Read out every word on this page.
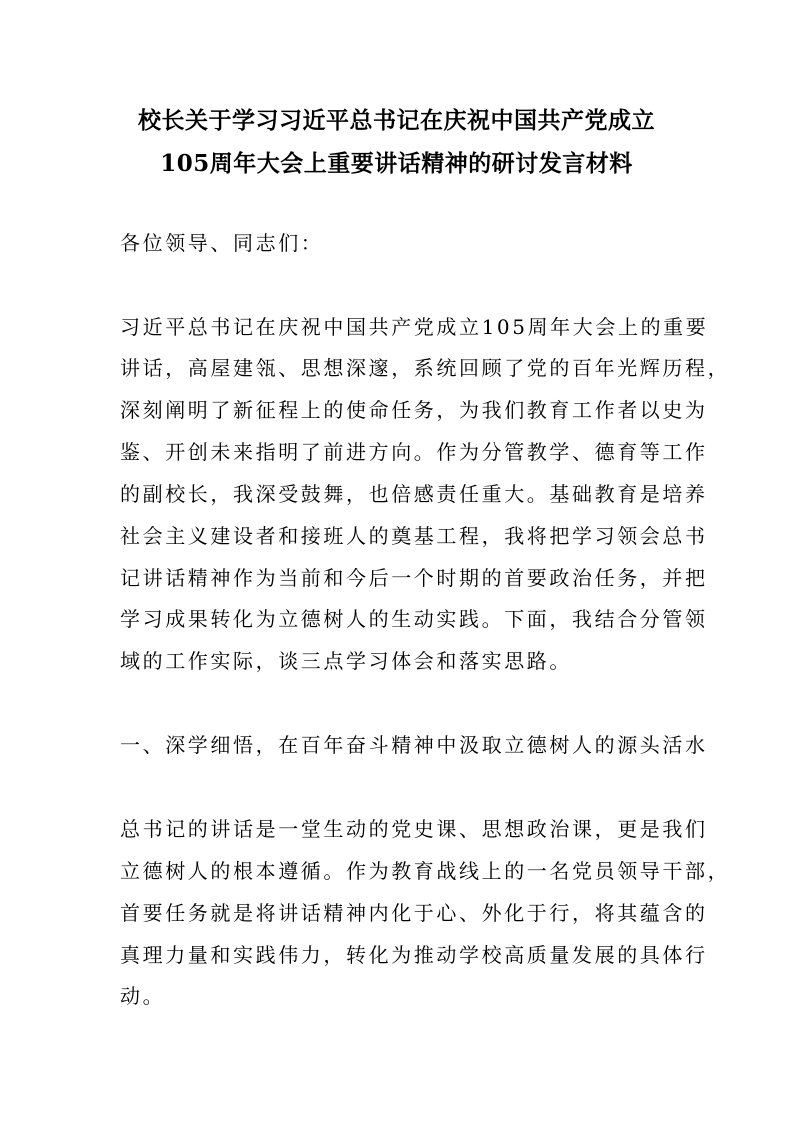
校长关于学习习近平总书记在庆祝中国共产党成立
105周年大会上重要讲话精神的研讨发言材料
各位领导、同志们：
习近平总书记在庆祝中国共产党成立105周年大会上的重要
讲话，高屋建瓴、思想深邃，系统回顾了党的百年光辉历程，
深刻阐明了新征程上的使命任务，为我们教育工作者以史为
鉴、开创未来指明了前进方向。作为分管教学、德育等工作
的副校长，我深受鼓舞，也倍感责任重大。基础教育是培养
社会主义建设者和接班人的奠基工程，我将把学习领会总书
记讲话精神作为当前和今后一个时期的首要政治任务，并把
学习成果转化为立德树人的生动实践。下面，我结合分管领
域的工作实际，谈三点学习体会和落实思路。
一、深学细悟，在百年奋斗精神中汲取立德树人的源头活水
总书记的讲话是一堂生动的党史课、思想政治课，更是我们
立德树人的根本遵循。作为教育战线上的一名党员领导干部，
首要任务就是将讲话精神内化于心、外化于行，将其蕴含的
真理力量和实践伟力，转化为推动学校高质量发展的具体行
动。
